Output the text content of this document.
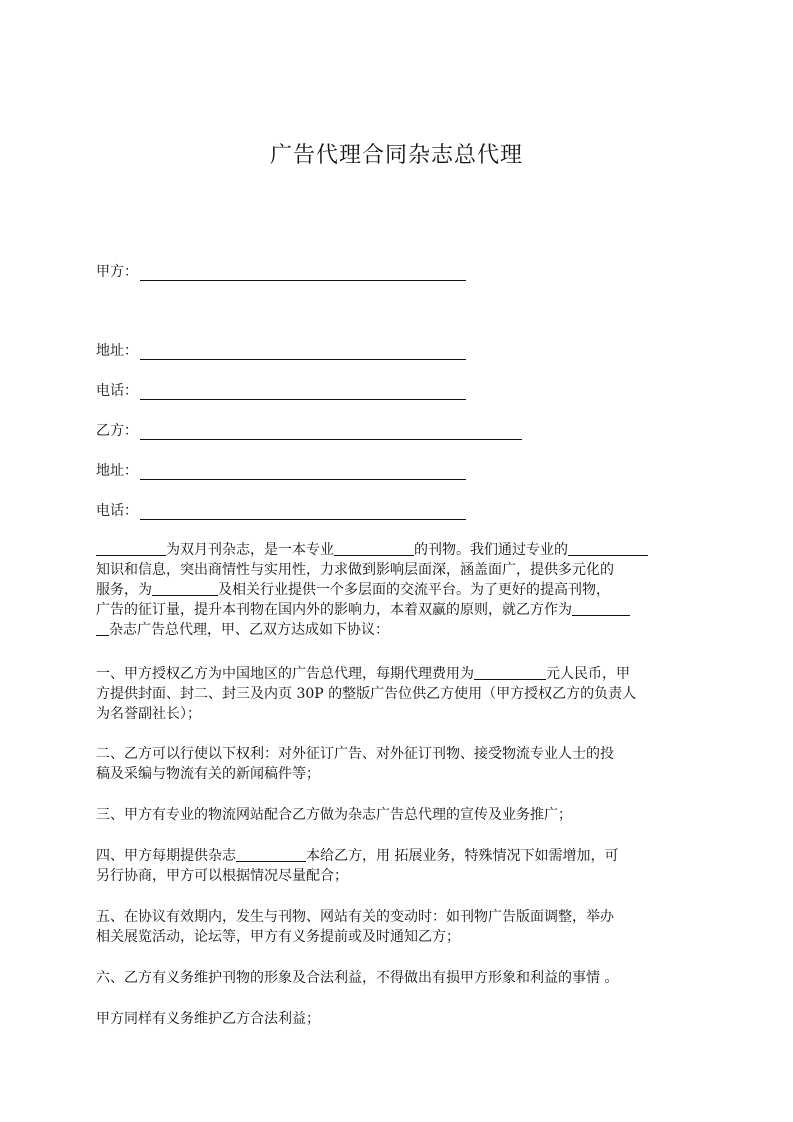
广告代理合同杂志总代理
甲方：
地址：
电话：
乙方：
地址：
电话：
为双月刊杂志，是一本专业	的刊物。我们通过专业的
知识和信息，突出商情性与实用性，力求做到影响层面深，涵盖面广，提供多元化的
服务，为	及相关行业提供一个多层面的交流平台。为了更好的提高刊物，
广告的征订量，提升本刊物在国内外的影响力，本着双赢的原则，就乙方作为
杂志广告总代理，甲、乙双方达成如下协议：
一、甲方授权乙方为中国地区的广告总代理，每期代理费用为	元人民币，甲
方提供封面、封二、封三及内页 30P 的整版广告位供乙方使用（甲方授权乙方的负责人
为名誉副社长）；
二、乙方可以行使以下权利：对外征订广告、对外征订刊物、接受物流专业人士的投
稿及采编与物流有关的新闻稿件等；
三、甲方有专业的物流网站配合乙方做为杂志广告总代理的宣传及业务推广；
四、甲方每期提供杂志	本给乙方，用 拓展业务，特殊情况下如需增加，可
另行协商，甲方可以根据情况尽量配合；
五、在协议有效期内，发生与刊物、网站有关的变动时：如刊物广告版面调整，举办
相关展览活动，论坛等，甲方有义务提前或及时通知乙方；
六、乙方有义务维护刊物的形象及合法利益，不得做出有损甲方形象和利益的事情 。
甲方同样有义务维护乙方合法利益；
